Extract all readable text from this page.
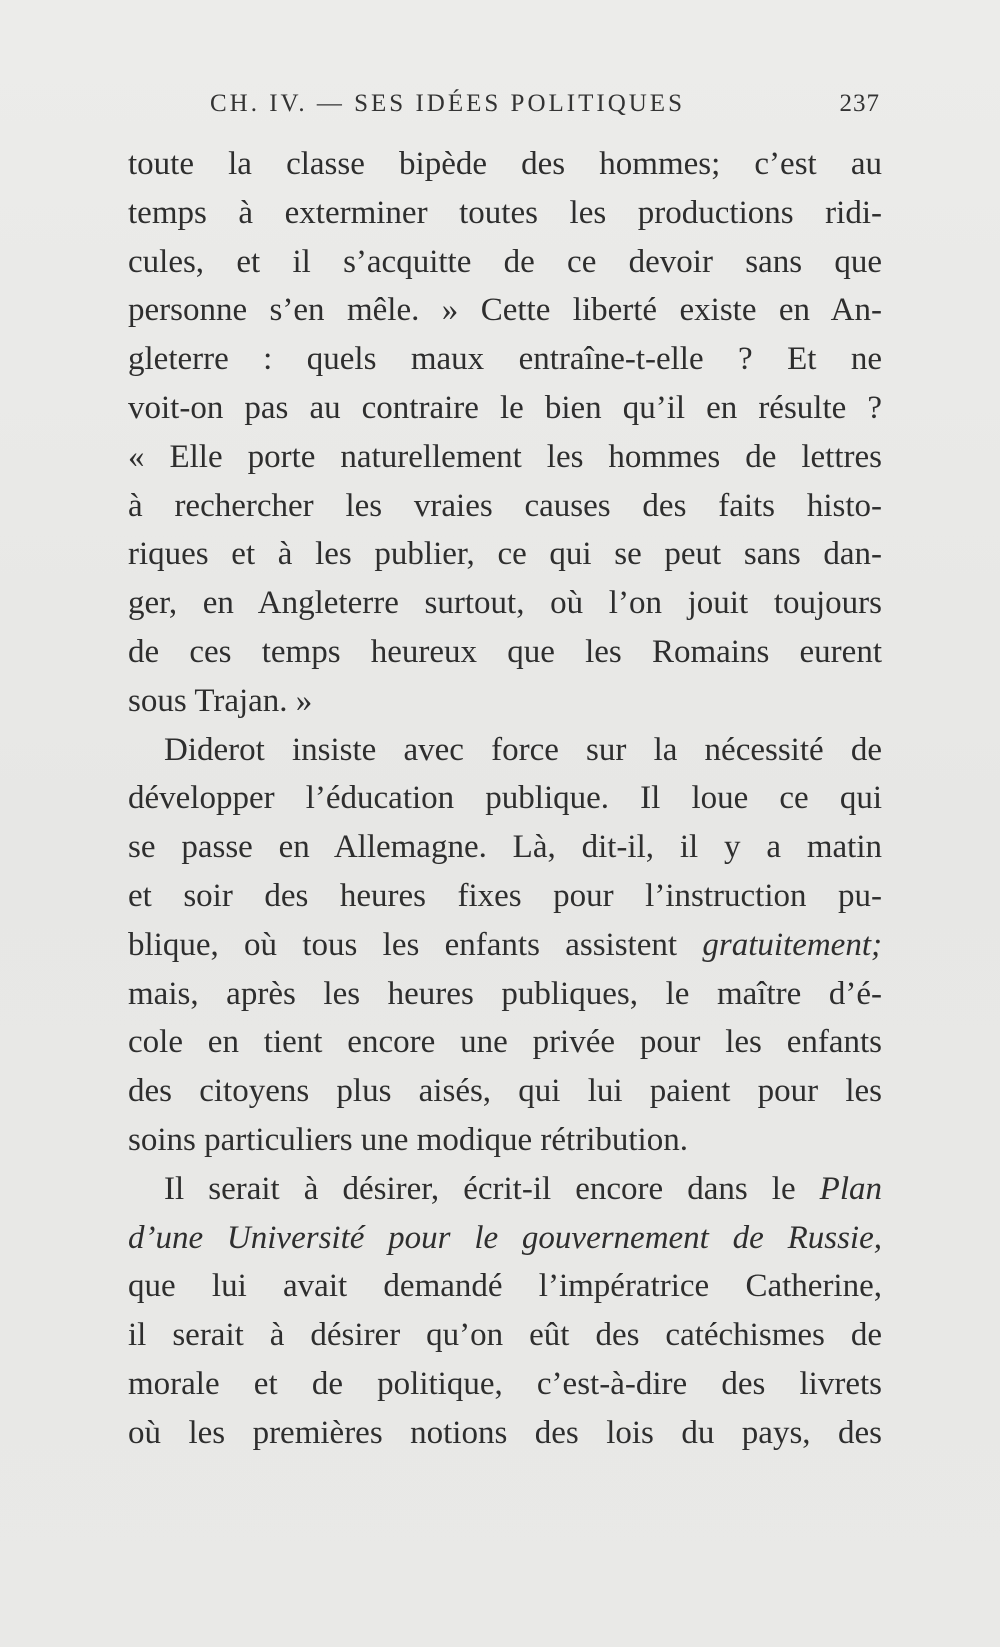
CH. IV. — SES IDÉES POLITIQUES	237
toute la classe bipède des hommes; c’est au
temps à exterminer toutes les productions ridi-
cules, et il s’acquitte de ce devoir sans que
personne s’en mêle. » Cette liberté existe en An-
gleterre : quels maux entraîne-t-elle ? Et ne
voit-on pas au contraire le bien qu’il en résulte ?
« Elle porte naturellement les hommes de lettres
à rechercher les vraies causes des faits histo-
riques et à les publier, ce qui se peut sans dan-
ger, en Angleterre surtout, où l’on jouit toujours
de ces temps heureux que les Romains eurent
sous Trajan. »
Diderot insiste avec force sur la nécessité de
développer l’éducation publique. Il loue ce qui
se passe en Allemagne. Là, dit-il, il y a matin
et soir des heures fixes pour l’instruction pu-
blique, où tous les enfants assistent gratuitement;
mais, après les heures publiques, le maître d’é-
cole en tient encore une privée pour les enfants
des citoyens plus aisés, qui lui paient pour les
soins particuliers une modique rétribution.
Il serait à désirer, écrit-il encore dans le Plan
d’une Université pour le gouvernement de Russie,
que lui avait demandé l’impératrice Catherine,
il serait à désirer qu’on eût des catéchismes de
morale et de politique, c’est-à-dire des livrets
où les premières notions des lois du pays, des
